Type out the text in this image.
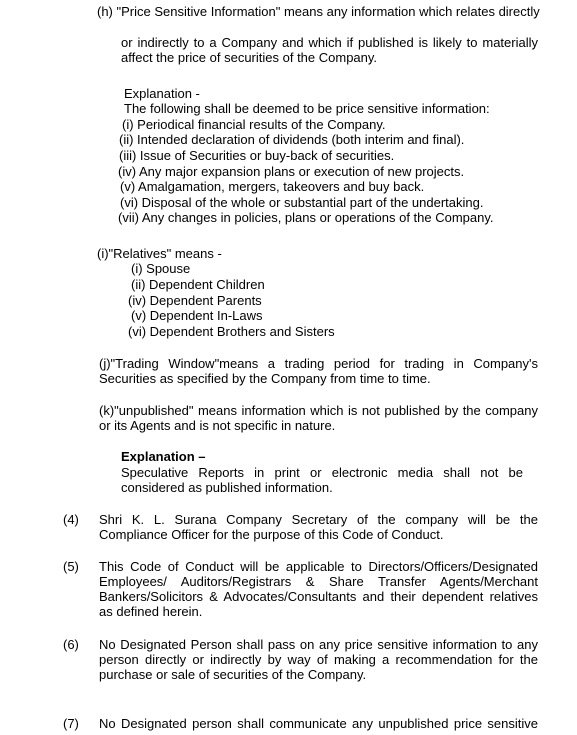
(h) "Price Sensitive Information" means any information which relates directly
or indirectly to a Company and which if published is likely to materially affect the price of securities of the Company.
Explanation -
The following shall be deemed to be price sensitive information:
(i) Periodical financial results of the Company.
(ii) Intended declaration of dividends (both interim and final).
(iii) Issue of Securities or buy-back of securities.
(iv) Any major expansion plans or execution of new projects.
(v) Amalgamation, mergers, takeovers and buy back.
(vi) Disposal of the whole or substantial part of the undertaking.
(vii) Any changes in policies, plans or operations of the Company.
(i)"Relatives" means -
(i) Spouse
(ii) Dependent Children
(iv) Dependent Parents
(v) Dependent In-Laws
(vi) Dependent Brothers and Sisters
(j)"Trading Window"means a trading period for trading in Company's Securities as specified by the Company from time to time.
(k)"unpublished" means information which is not published by the company or its Agents and is not specific in nature.
Explanation –
Speculative Reports in print or electronic media shall not be considered as published information.
(4) Shri K. L. Surana Company Secretary of the company will be the Compliance Officer for the purpose of this Code of Conduct.
(5) This Code of Conduct will be applicable to Directors/Officers/Designated Employees/ Auditors/Registrars & Share Transfer Agents/Merchant Bankers/Solicitors & Advocates/Consultants and their dependent relatives as defined herein.
(6) No Designated Person shall pass on any price sensitive information to any person directly or indirectly by way of making a recommendation for the purchase or sale of securities of the Company.
(7) No Designated person shall communicate any unpublished price sensitive
